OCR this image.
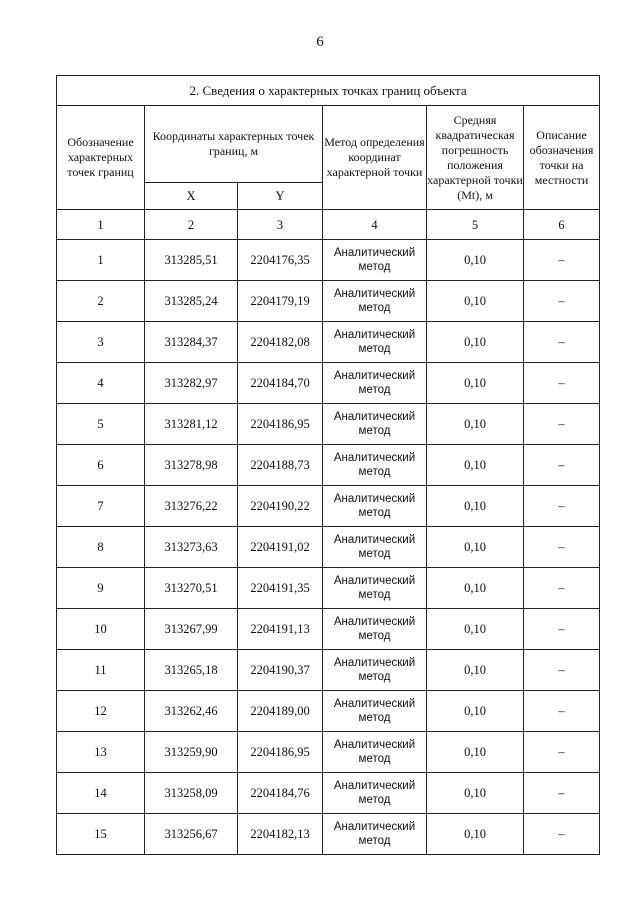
6
2. Сведения о характерных точках границ объекта					
Обозначение характерных точек границ	Координаты характерных точек границ, м		Метод определения координат характерной точки	Средняя квадратическая погрешность положения характерной точки (Mt), м	Описание обозначения точки на местности
	X	Y			
1	2	3	4	5	6
1	313285,51	2204176,35	Аналитический метод	0,10	–
2	313285,24	2204179,19	Аналитический метод	0,10	–
3	313284,37	2204182,08	Аналитический метод	0,10	–
4	313282,97	2204184,70	Аналитический метод	0,10	–
5	313281,12	2204186,95	Аналитический метод	0,10	–
6	313278,98	2204188,73	Аналитический метод	0,10	–
7	313276,22	2204190,22	Аналитический метод	0,10	–
8	313273,63	2204191,02	Аналитический метод	0,10	–
9	313270,51	2204191,35	Аналитический метод	0,10	–
10	313267,99	2204191,13	Аналитический метод	0,10	–
11	313265,18	2204190,37	Аналитический метод	0,10	–
12	313262,46	2204189,00	Аналитический метод	0,10	–
13	313259,90	2204186,95	Аналитический метод	0,10	–
14	313258,09	2204184,76	Аналитический метод	0,10	–
15	313256,67	2204182,13	Аналитический метод	0,10	–
